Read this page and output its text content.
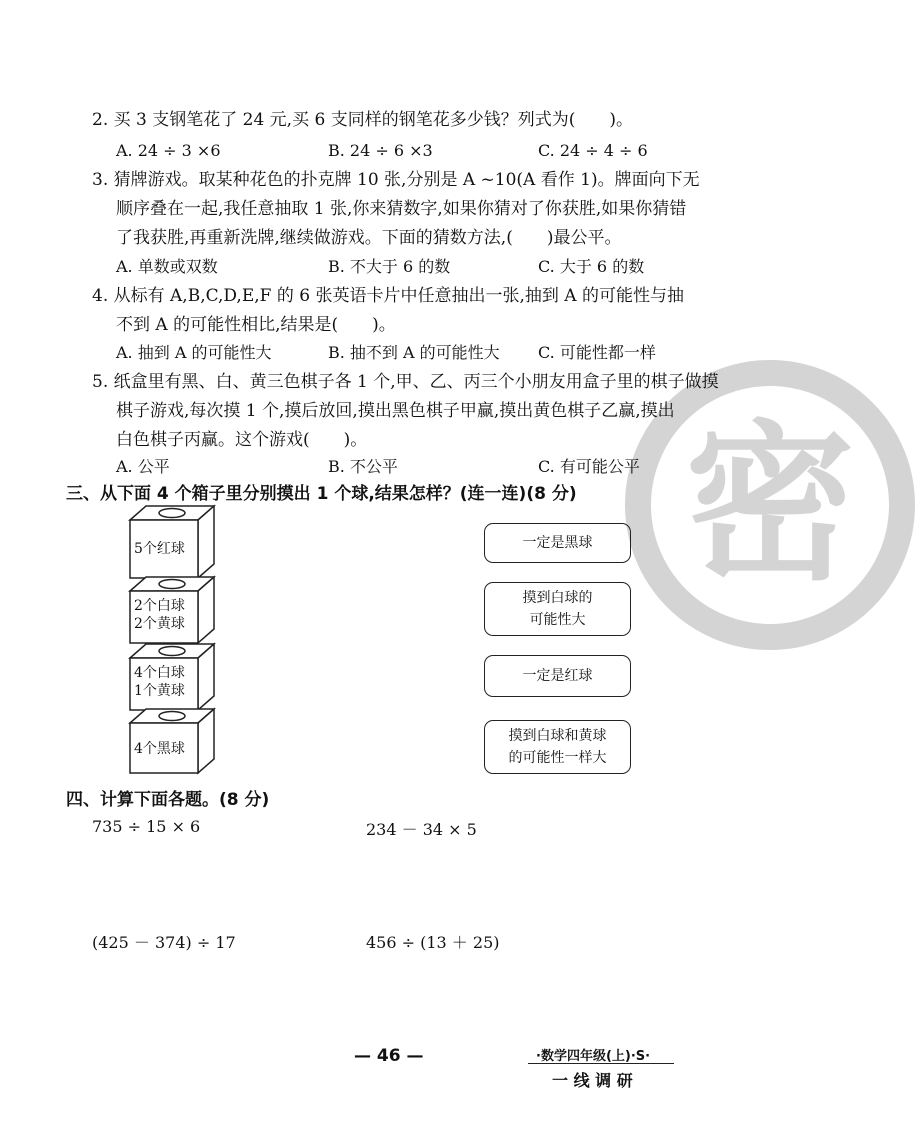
密
2. 买 3 支钢笔花了 24 元,买 6 支同样的钢笔花多少钱？列式为(　　)。
A. 24 ÷ 3 ×6	B. 24 ÷ 6 ×3	C. 24 ÷ 4 ÷ 6
3. 猜牌游戏。取某种花色的扑克牌 10 张,分别是 A ~10(A 看作 1)。牌面向下无
顺序叠在一起,我任意抽取 1 张,你来猜数字,如果你猜对了你获胜,如果你猜错
了我获胜,再重新洗牌,继续做游戏。下面的猜数方法,(　　)最公平。
A. 单数或双数	B. 不大于 6 的数	C. 大于 6 的数
4. 从标有 A,B,C,D,E,F 的 6 张英语卡片中任意抽出一张,抽到 A 的可能性与抽
不到 A 的可能性相比,结果是(　　)。
A. 抽到 A 的可能性大	B. 抽不到 A 的可能性大 C. 可能性都一样
5. 纸盒里有黑、白、黄三色棋子各 1 个,甲、乙、丙三个小朋友用盒子里的棋子做摸
棋子游戏,每次摸 1 个,摸后放回,摸出黑色棋子甲赢,摸出黄色棋子乙赢,摸出
白色棋子丙赢。这个游戏(　　)。
A. 公平	B. 不公平	C. 有可能公平
三、从下面 4 个箱子里分别摸出 1 个球,结果怎样？(连一连)(8 分)
5个红球
2个白球
2个黄球
4个白球
1个黄球
4个黑球
一定是黑球
摸到白球的
可能性大
一定是红球
摸到白球和黄球
的可能性一样大
四、计算下面各题。(8 分)
735 ÷ 15 × 6	234 － 34 × 5
(425 － 374) ÷ 17	456 ÷ (13 ＋ 25)
— 46 —	·数学四年级(上)·S·
一 线 调 研
